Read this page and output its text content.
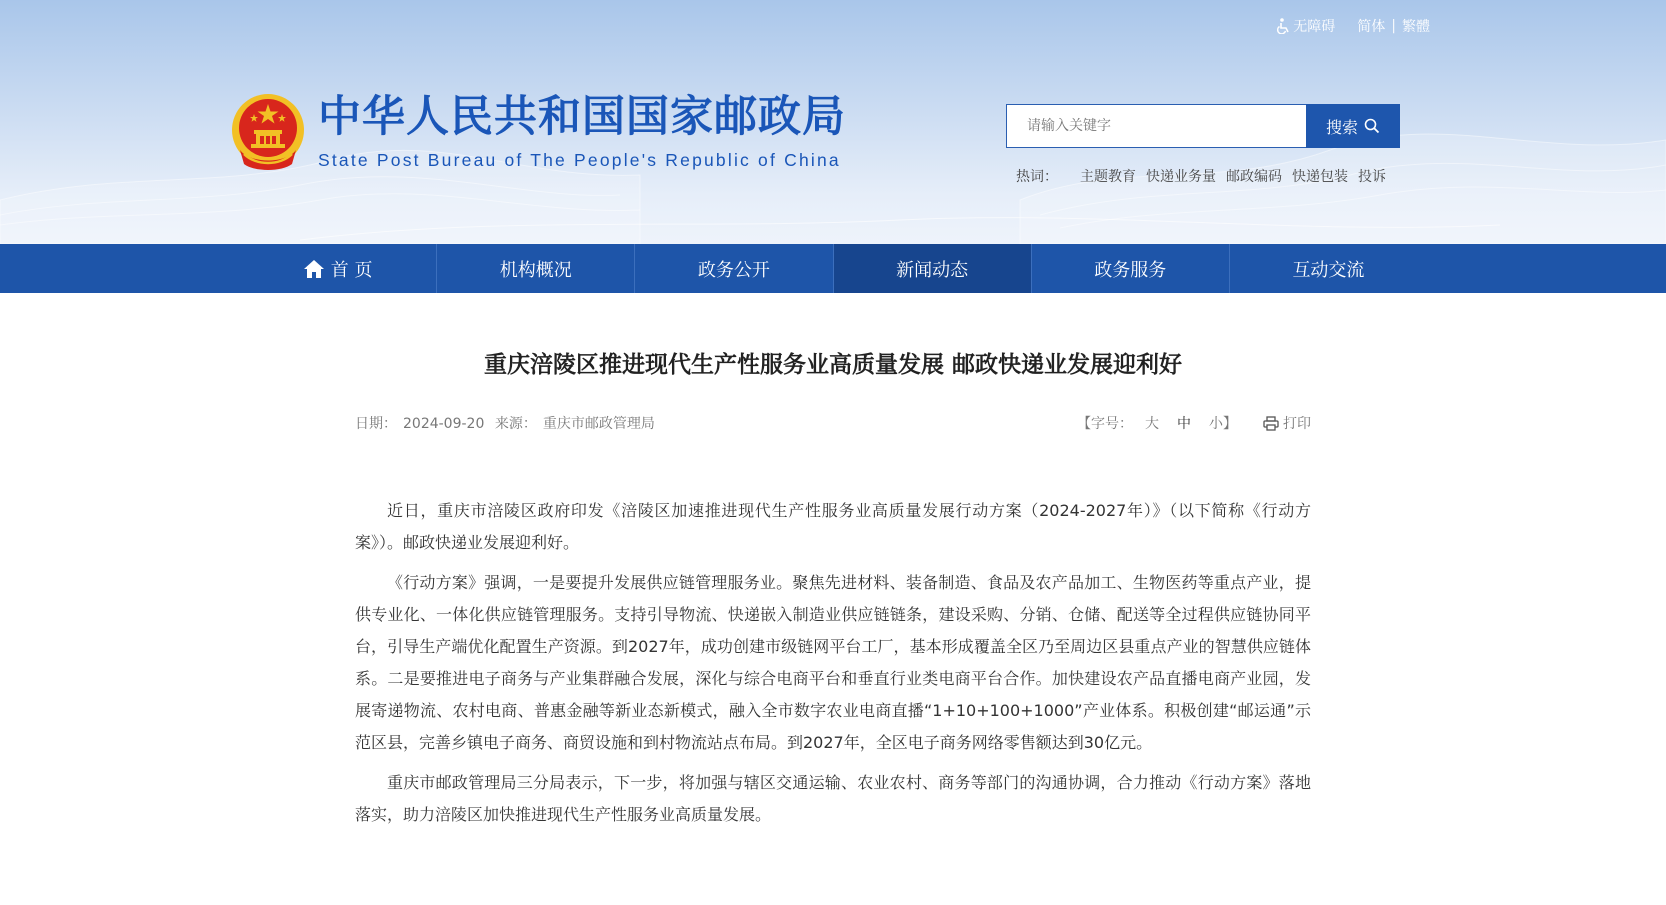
无障碍 简体 | 繁體
中华人民共和国国家邮政局
State Post Bureau of The People's Republic of China
请输入关键字
搜索
热词： 主题教育 快递业务量 邮政编码 快递包装 投诉
首 页	机构概况	政务公开	新闻动态	政务服务	互动交流
重庆涪陵区推进现代生产性服务业高质量发展 邮政快递业发展迎利好
日期： 2024-09-20 来源： 重庆市邮政管理局	【字号： 大 中 小】	打印

近日，重庆市涪陵区政府印发《涪陵区加速推进现代生产性服务业高质量发展行动方案（2024-2027年）》（以下简称《行动方案》）。邮政快递业发展迎利好。

《行动方案》强调，一是要提升发展供应链管理服务业。聚焦先进材料、装备制造、食品及农产品加工、生物医药等重点产业，提供专业化、一体化供应链管理服务。支持引导物流、快递嵌入制造业供应链链条，建设采购、分销、仓储、配送等全过程供应链协同平台，引导生产端优化配置生产资源。到2027年，成功创建市级链网平台工厂，基本形成覆盖全区乃至周边区县重点产业的智慧供应链体系。二是要推进电子商务与产业集群融合发展，深化与综合电商平台和垂直行业类电商平台合作。加快建设农产品直播电商产业园，发展寄递物流、农村电商、普惠金融等新业态新模式，融入全市数字农业电商直播“1+10+100+1000”产业体系。积极创建“邮运通”示范区县，完善乡镇电子商务、商贸设施和到村物流站点布局。到2027年，全区电子商务网络零售额达到30亿元。

重庆市邮政管理局三分局表示，下一步，将加强与辖区交通运输、农业农村、商务等部门的沟通协调，合力推动《行动方案》落地落实，助力涪陵区加快推进现代生产性服务业高质量发展。
